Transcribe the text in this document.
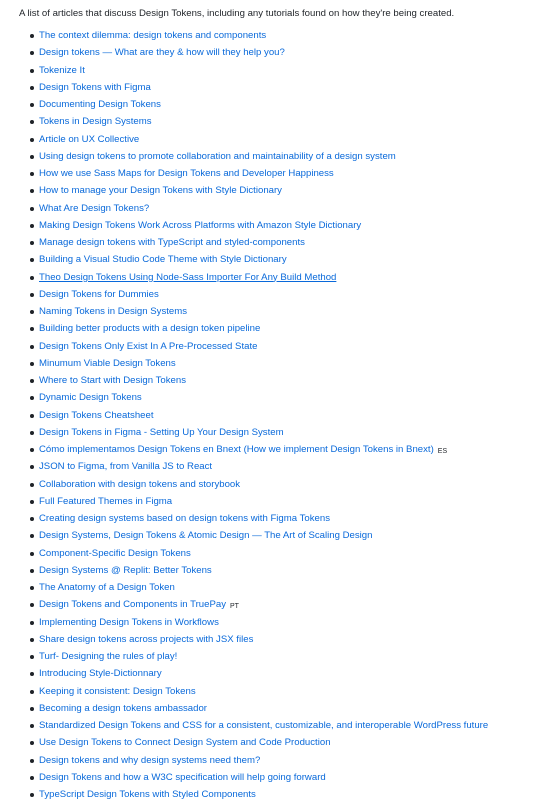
A list of articles that discuss Design Tokens, including any tutorials found on how they're being created.

The context dilemma: design tokens and components
Design tokens — What are they & how will they help you?
Tokenize It
Design Tokens with Figma
Documenting Design Tokens
Tokens in Design Systems
Article on UX Collective
Using design tokens to promote collaboration and maintainability of a design system
How we use Sass Maps for Design Tokens and Developer Happiness
How to manage your Design Tokens with Style Dictionary
What Are Design Tokens?
Making Design Tokens Work Across Platforms with Amazon Style Dictionary
Manage design tokens with TypeScript and styled-components
Building a Visual Studio Code Theme with Style Dictionary
Theo Design Tokens Using Node-Sass Importer For Any Build Method
Design Tokens for Dummies
Naming Tokens in Design Systems
Building better products with a design token pipeline
Design Tokens Only Exist In A Pre-Processed State
Minumum Viable Design Tokens
Where to Start with Design Tokens
Dynamic Design Tokens
Design Tokens Cheatsheet
Design Tokens in Figma - Setting Up Your Design System
Cómo implementamos Design Tokens en Bnext (How we implement Design Tokens in Bnext) ES
JSON to Figma, from Vanilla JS to React
Collaboration with design tokens and storybook
Full Featured Themes in Figma
Creating design systems based on design tokens with Figma Tokens
Design Systems, Design Tokens & Atomic Design — The Art of Scaling Design
Component-Specific Design Tokens
Design Systems @ Replit: Better Tokens
The Anatomy of a Design Token
Design Tokens and Components in TruePay PT
Implementing Design Tokens in Workflows
Share design tokens across projects with JSX files
Turf- Designing the rules of play!
Introducing Style-Dictionnary
Keeping it consistent: Design Tokens
Becoming a design tokens ambassador
Standardized Design Tokens and CSS for a consistent, customizable, and interoperable WordPress future
Use Design Tokens to Connect Design System and Code Production
Design tokens and why design systems need them?
Design Tokens and how a W3C specification will help going forward
TypeScript Design Tokens with Styled Components
